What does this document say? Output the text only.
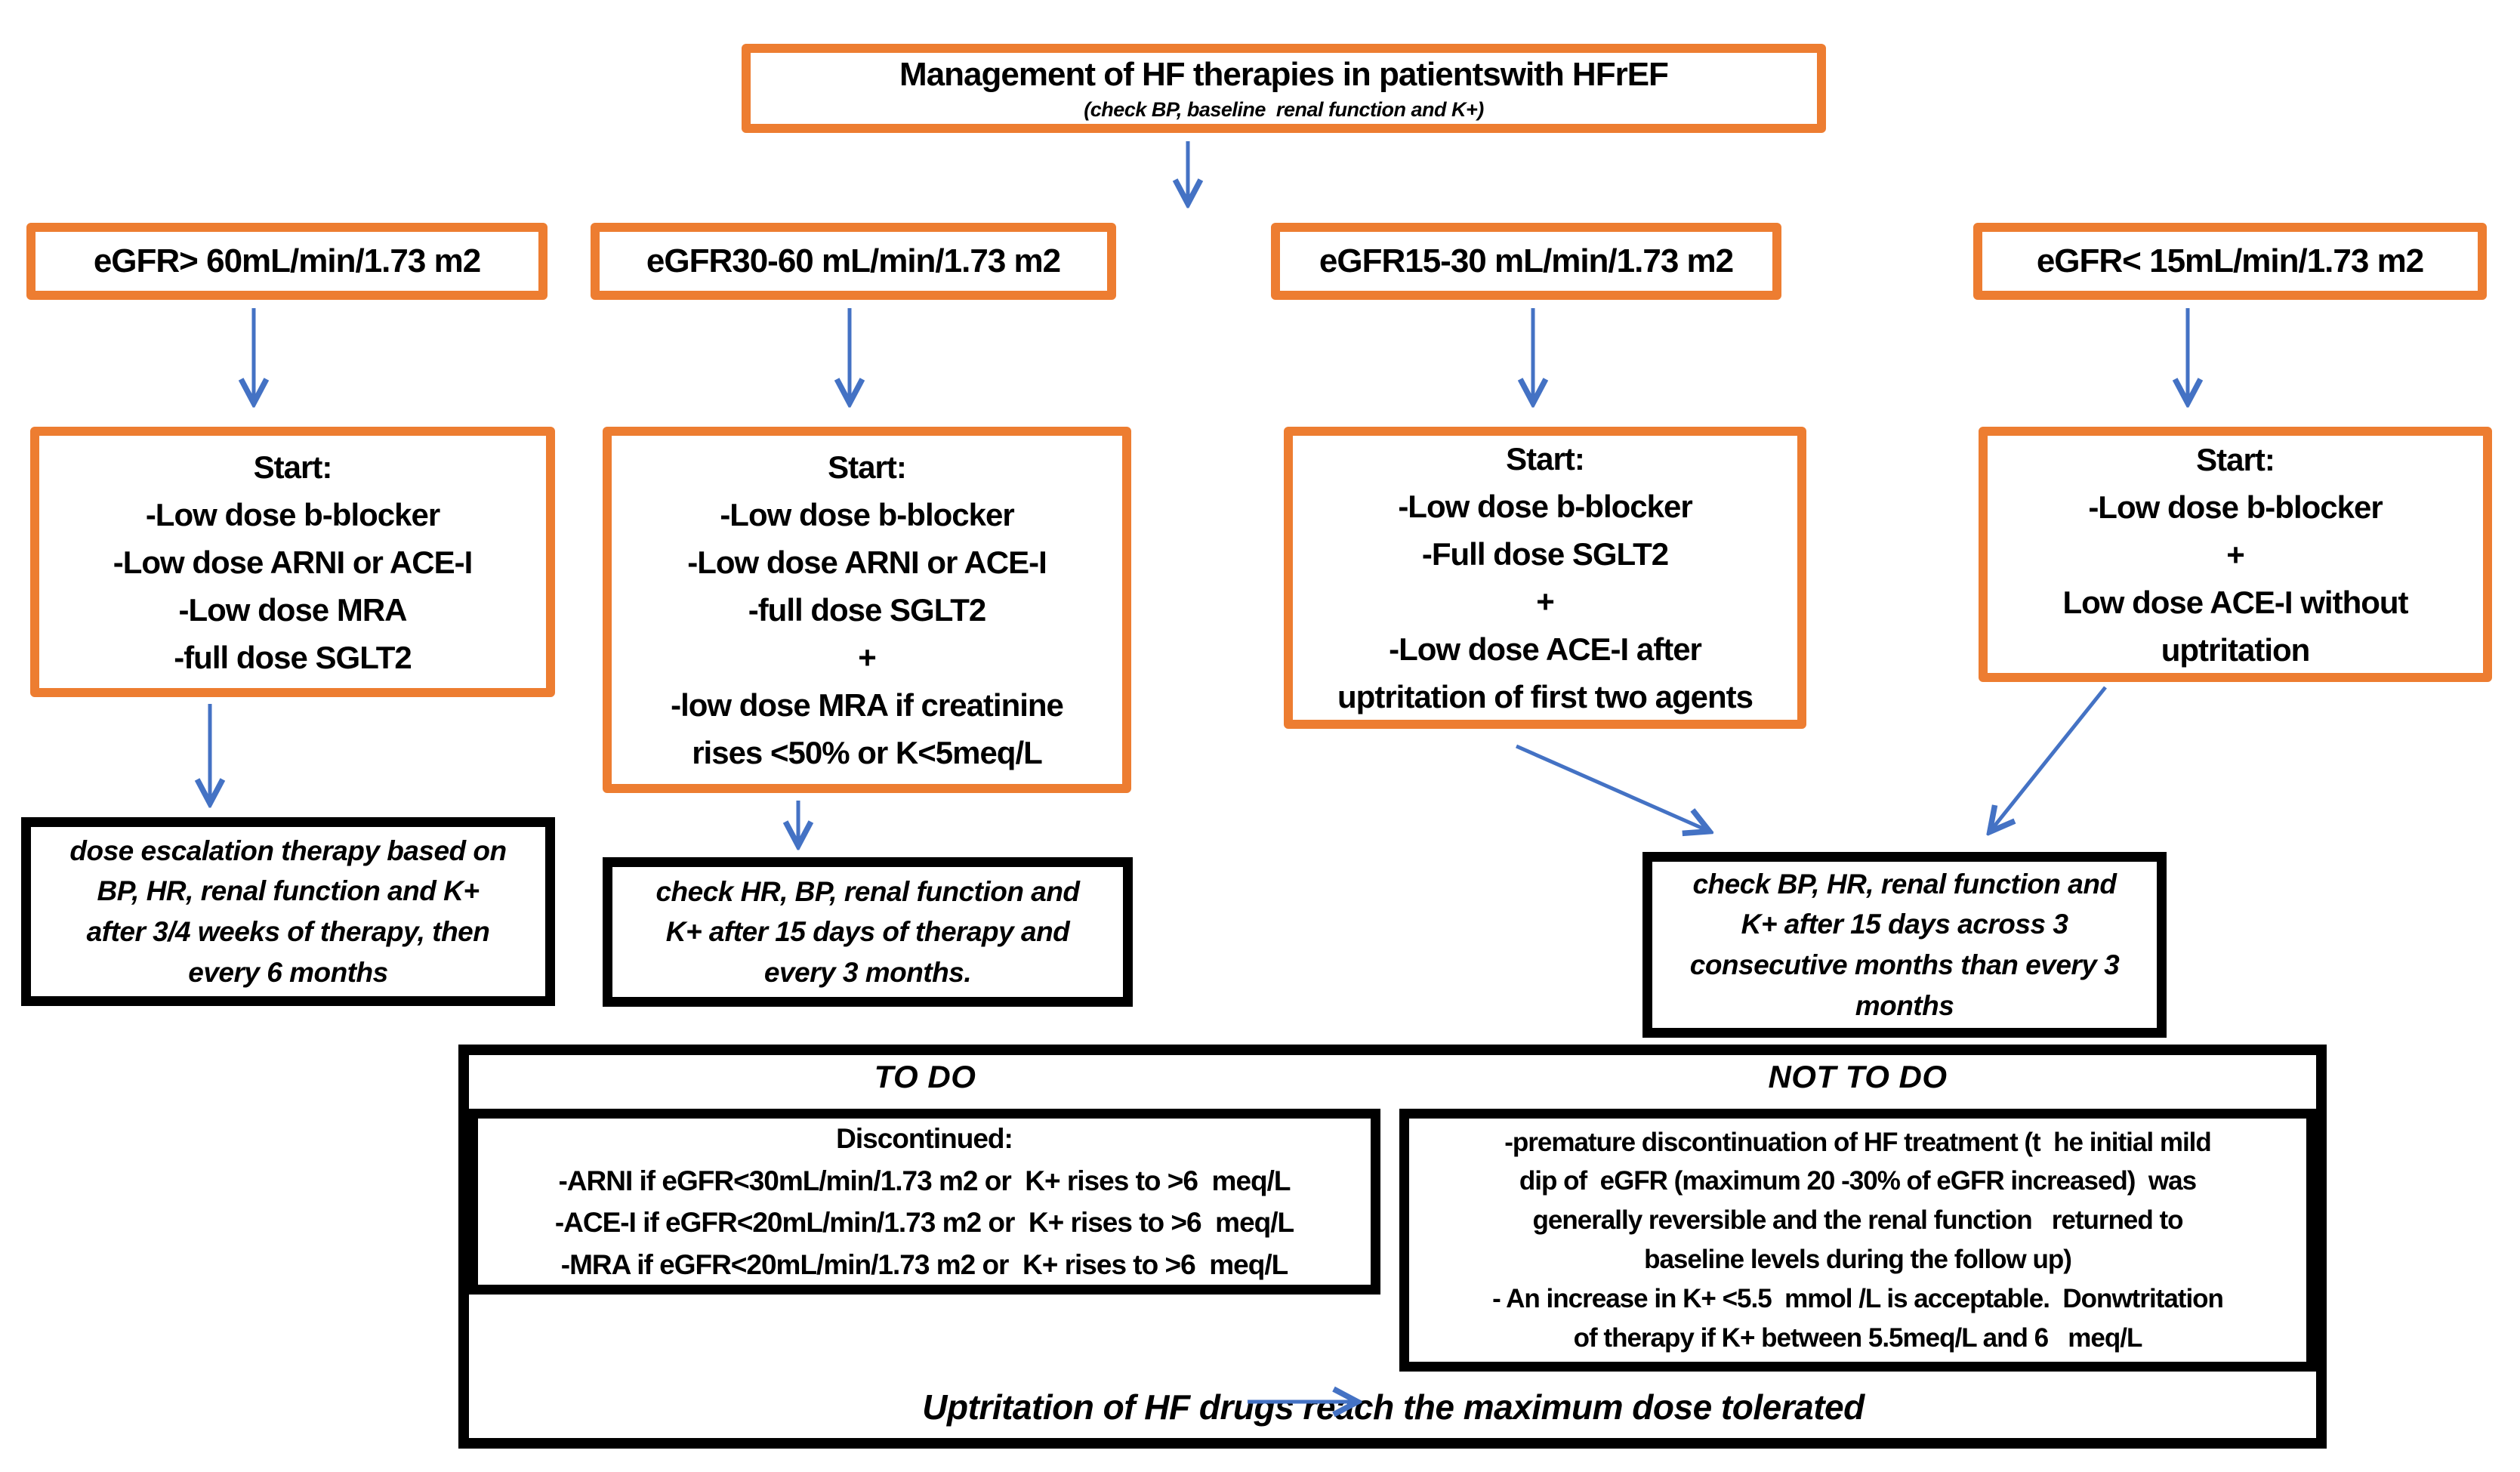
Management of HF therapies in patientswith HFrEF
(check BP, baseline  renal function and K+)

eGFR> 60mL/min/1.73 m2

	eGFR30-60 mL/min/1.73 m2

	eGFR15-30 mL/min/1.73 m2

	eGFR< 15mL/min/1.73 m2

Start:
-Low dose b-blocker
-Low dose ARNI or ACE-I
-Low dose MRA
-full dose SGLT2

Start:
-Low dose b-blocker
-Low dose ARNI or ACE-I
-full dose SGLT2
+
-low dose MRA if creatinine
rises <50% or K<5meq/L

Start:
-Low dose b-blocker
-Full dose SGLT2
+
-Low dose ACE-I after
uptritation of first two agents

Start:
-Low dose b-blocker
+
Low dose ACE-I without
uptritation

dose escalation therapy based on
BP, HR, renal function and K+
after 3/4 weeks of therapy, then
every 6 months

check HR, BP, renal function and
K+ after 15 days of therapy and
every 3 months.

check BP, HR, renal function and
K+ after 15 days across 3
consecutive months than every 3
months

TO DO

	NOT TO DO

Discontinued:
-ARNI if eGFR<30mL/min/1.73 m2 or  K+ rises to >6  meq/L
-ACE-I if eGFR<20mL/min/1.73 m2 or  K+ rises to >6  meq/L
-MRA if eGFR<20mL/min/1.73 m2 or  K+ rises to >6  meq/L

-premature discontinuation of HF treatment (t  he initial mild
dip of  eGFR (maximum 20 -30% of eGFR increased)  was
generally reversible and the renal function   returned to
baseline levels during the follow up)
- An increase in K+ <5.5  mmol /L is acceptable.  Donwtritation
of therapy if K+ between 5.5meq/L and 6   meq/L

Uptritation of HF drugs reach the maximum dose tolerated
